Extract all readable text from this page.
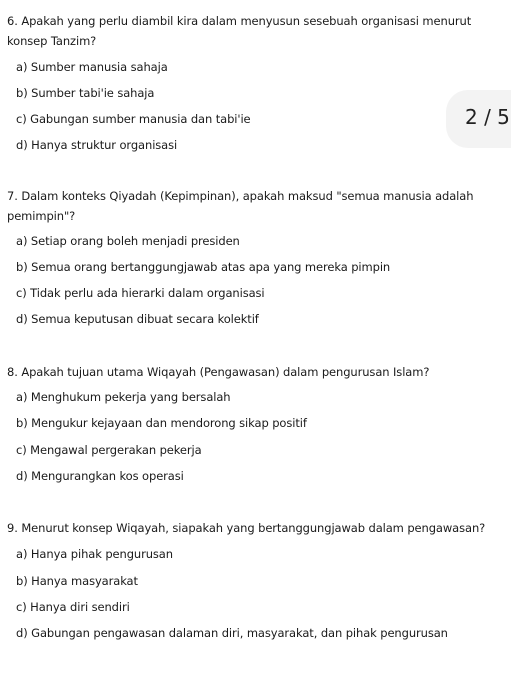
6. Apakah yang perlu diambil kira dalam menyusun sesebuah organisasi menurut konsep Tanzim?
a) Sumber manusia sahaja
b) Sumber tabi'ie sahaja
c) Gabungan sumber manusia dan tabi'ie
d) Hanya struktur organisasi
2 / 5
7. Dalam konteks Qiyadah (Kepimpinan), apakah maksud "semua manusia adalah pemimpin"?
a) Setiap orang boleh menjadi presiden
b) Semua orang bertanggungjawab atas apa yang mereka pimpin
c) Tidak perlu ada hierarki dalam organisasi
d) Semua keputusan dibuat secara kolektif
8. Apakah tujuan utama Wiqayah (Pengawasan) dalam pengurusan Islam?
a) Menghukum pekerja yang bersalah
b) Mengukur kejayaan dan mendorong sikap positif
c) Mengawal pergerakan pekerja
d) Mengurangkan kos operasi
9. Menurut konsep Wiqayah, siapakah yang bertanggungjawab dalam pengawasan?
a) Hanya pihak pengurusan
b) Hanya masyarakat
c) Hanya diri sendiri
d) Gabungan pengawasan dalaman diri, masyarakat, dan pihak pengurusan
